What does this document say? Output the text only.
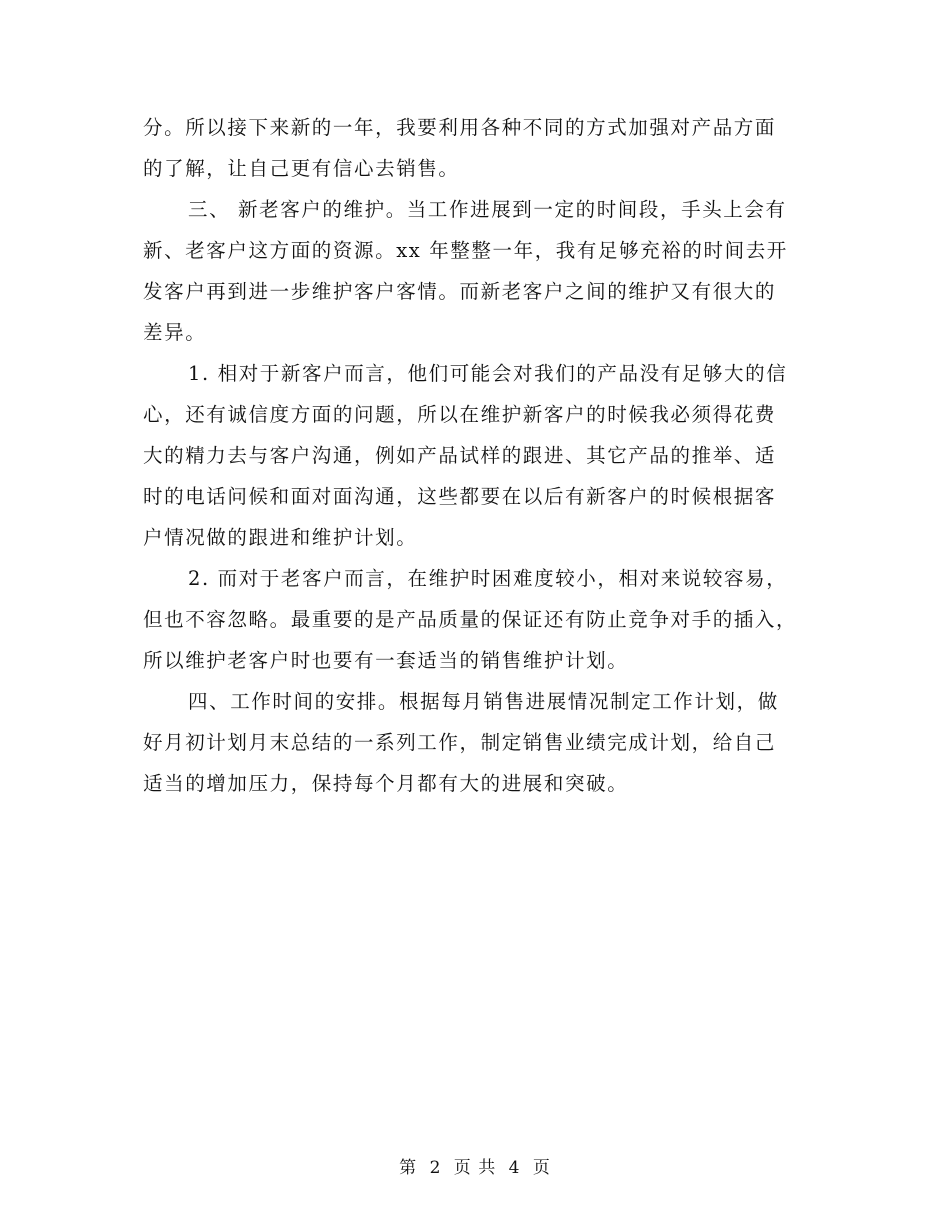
分。所以接下来新的一年，我要利用各种不同的方式加强对产品方面
的了解，让自己更有信心去销售。
三、 新老客户的维护。当工作进展到一定的时间段，手头上会有
新、老客户这方面的资源。xx 年整整一年，我有足够充裕的时间去开
发客户再到进一步维护客户客情。而新老客户之间的维护又有很大的
差异。
1. 相对于新客户而言，他们可能会对我们的产品没有足够大的信
心，还有诚信度方面的问题，所以在维护新客户的时候我必须得花费
大的精力去与客户沟通，例如产品试样的跟进、其它产品的推举、适
时的电话问候和面对面沟通，这些都要在以后有新客户的时候根据客
户情况做的跟进和维护计划。
2. 而对于老客户而言，在维护时困难度较小，相对来说较容易，
但也不容忽略。最重要的是产品质量的保证还有防止竞争对手的插入，
所以维护老客户时也要有一套适当的销售维护计划。
四、工作时间的安排。根据每月销售进展情况制定工作计划，做
好月初计划月末总结的一系列工作，制定销售业绩完成计划，给自己
适当的增加压力，保持每个月都有大的进展和突破。
第 2 页 共 4 页
